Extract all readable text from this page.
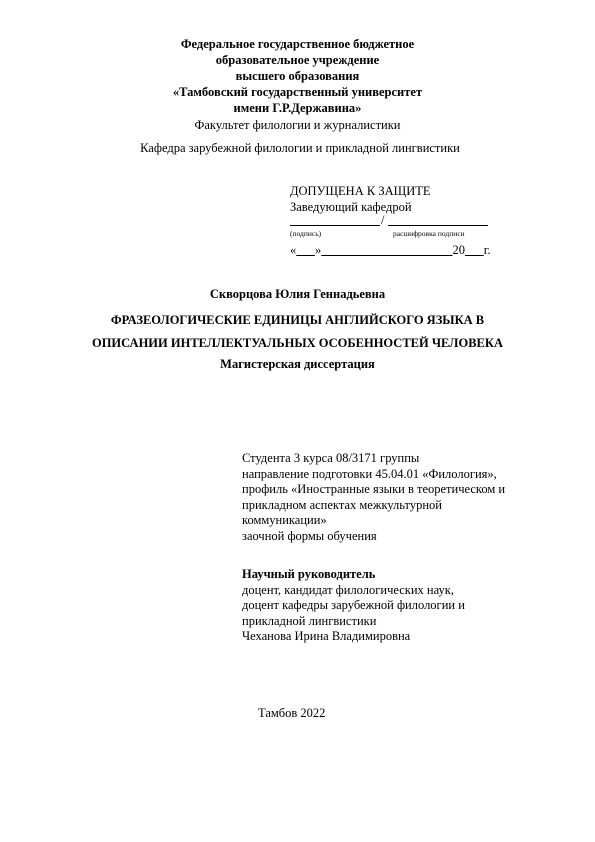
Федеральное государственное бюджетное
образовательное учреждение
высшего образования
«Тамбовский государственный университет
имени Г.Р.Державина»
Факультет филологии и журналистики
Кафедра зарубежной филологии и прикладной лингвистики
ДОПУЩЕНА К ЗАЩИТЕ
Заведующий кафедрой
/
(подпись)	расшифровка подписи
« »	20 г.
Скворцова Юлия Геннадьевна
ФРАЗЕОЛОГИЧЕСКИЕ ЕДИНИЦЫ АНГЛИЙСКОГО ЯЗЫКА В
ОПИСАНИИ ИНТЕЛЛЕКТУАЛЬНЫХ ОСОБЕННОСТЕЙ ЧЕЛОВЕКА
Магистерская диссертация
Студента 3 курса 08/3171 группы
направление подготовки 45.04.01 «Филология»,
профиль «Иностранные языки в теоретическом и
прикладном аспектах межкультурной
коммуникации»
заочной формы обучения
Научный руководитель
доцент, кандидат филологических наук,
доцент кафедры зарубежной филологии и
прикладной лингвистики
Чеханова Ирина Владимировна
Тамбов 2022
